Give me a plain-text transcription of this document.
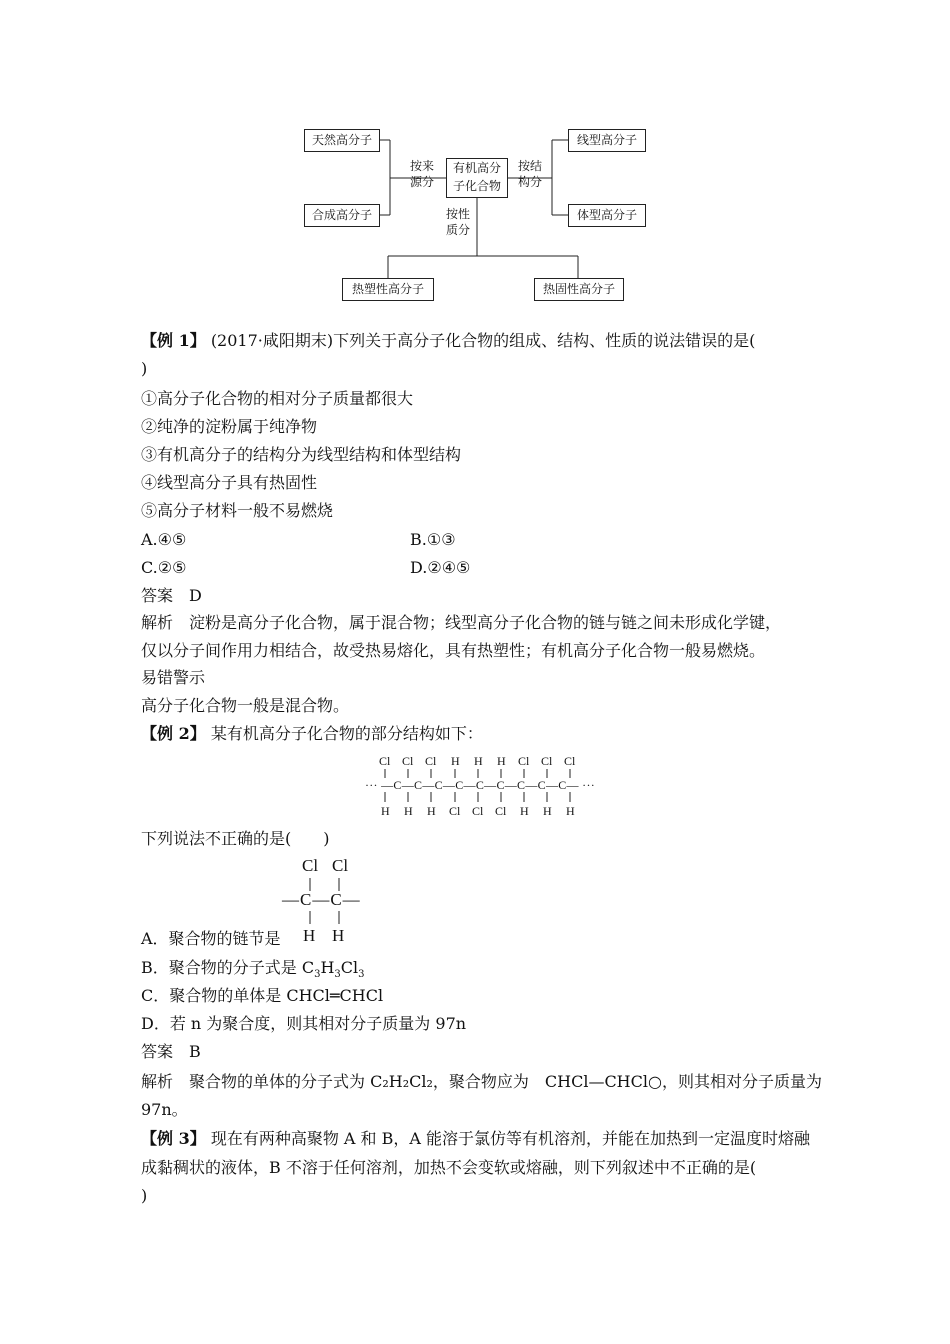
有机高分
子化合物
天然高分子
合成高分子
线型高分子
体型高分子
热塑性高分子	热固性高分子
按来
源分
按结
构分
按性
质分
【例 1】 (2017·咸阳期末)下列关于高分子化合物的组成、结构、性质的说法错误的是(
)
①高分子化合物的相对分子质量都很大
②纯净的淀粉属于纯净物
③有机高分子的结构分为线型结构和体型结构
④线型高分子具有热固性
⑤高分子材料一般不易燃烧
A.④⑤	B.①③
C.②⑤	D.②④⑤
答案　D
解析　淀粉是高分子化合物，属于混合物；线型高分子化合物的链与链之间未形成化学键，
仅以分子间作用力相结合，故受热易熔化，具有热塑性；有机高分子化合物一般易燃烧。
易错警示
高分子化合物一般是混合物。
【例 2】 某有机高分子化合物的部分结构如下：
Cl Cl Cl H H H Cl Cl Cl
··· —C—C—C—C—C—C—C—C—C— ···
H H H Cl Cl Cl H H H
下列说法不正确的是(　　)
Cl Cl
—C—C—
H H
A．聚合物的链节是
B．聚合物的分子式是 $C_3H_3Cl_3$
C．聚合物的单体是 CHCl═CHCl
D．若 n 为聚合度，则其相对分子质量为 97n
答案　B
解析　聚合物的单体的分子式为 C₂H₂Cl₂，聚合物应为　CHCl—CHCl○，则其相对分子质量为
97n。
【例 3】 现在有两种高聚物 A 和 B，A 能溶于氯仿等有机溶剂，并能在加热到一定温度时熔融
成黏稠状的液体，B 不溶于任何溶剂，加热不会变软或熔融，则下列叙述中不正确的是(
)
